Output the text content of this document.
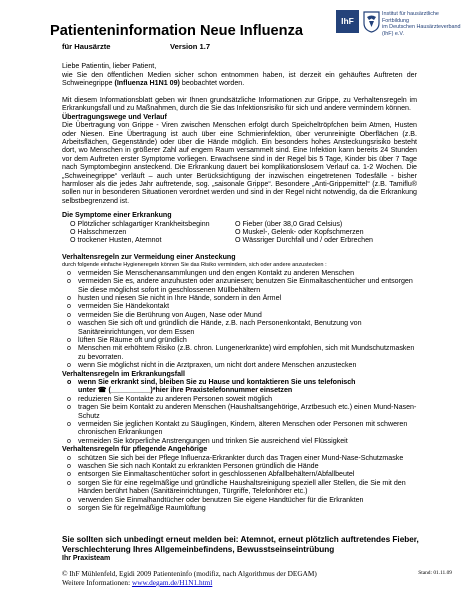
Patienteninformation Neue Influenza
für Hausärzte	Version 1.7
IhF
Institut für hausärztliche Fortbildung
im Deutschen Hausärzteverband (IhF) e.V.

Liebe Patientin, lieber Patient,

wie Sie den öffentlichen Medien sicher schon entnommen haben, ist derzeit ein gehäuftes Auftreten der Schweinegrippe (Influenza H1N1 09) beobachtet worden.

Mit diesem Informationsblatt geben wir Ihnen grundsätzliche Informationen zur Grippe, zu Verhaltensregeln im Erkrankungsfall und zu Maßnahmen, durch die Sie das Infektionsrisiko für sich und andere vermindern können.

Übertragungswege und Verlauf

Die Übertragung von Grippe - Viren zwischen Menschen erfolgt durch Speicheltröpfchen beim Atmen, Husten oder Niesen. Eine Übertragung ist auch über eine Schmierinfektion, über verunreinigte Oberflächen (z.B. Arbeitsflächen, Gegenstände) oder über die Hände möglich. Ein besonders hohes Ansteckungsrisiko besteht dort, wo Menschen in größerer Zahl auf engem Raum versammelt sind. Eine Infektion kann bereits 24 Stunden vor dem Auftreten erster Symptome vorliegen. Erwachsene sind in der Regel bis 5 Tage, Kinder bis über 7 Tage nach Symptombeginn ansteckend. Die Erkrankung dauert bei komplikationslosem Verlauf ca. 1-2 Wochen. Die „Schweinegrippe“ verläuft – auch unter Berücksichtigung der inzwischen eingetretenen Todesfälle - bisher harmloser als die jedes Jahr auftretende, sog. „saisonale Grippe“. Besondere „Anti-Grippemittel“ (z.B. Tamiflu® sollen nur in besonderen Situationen verordnet werden und sind in der Regel nicht notwendig, da die Erkrankung selbstbegrenzend ist.

Die Symptome einer Erkrankung

O Plötzlicher schlagartiger Krankheitsbeginn
O Halsschmerzen
O trockener Husten, Atemnot
O Fieber (über 38,0 Grad Celsius)
O Muskel-, Gelenk- oder Kopfschmerzen
O Wässriger Durchfall und / oder Erbrechen

Verhaltensregeln zur Vermeidung einer Ansteckung

durch folgende einfache Hygieneregeln können Sie das Risiko vermindern, sich oder andere anzustecken :

o vermeiden Sie Menschenansammlungen und den engen Kontakt zu anderen Menschen
o vermeiden Sie es, andere anzuhusten oder anzuniesen; benutzen Sie Einmaltaschentücher und entsorgen Sie diese möglichst sofort in geschlossenen Müllbehältern
o husten und niesen Sie nicht in Ihre Hände, sondern in den Ärmel
o vermeiden Sie Händekontakt
o vermeiden Sie die Berührung von Augen, Nase oder Mund
o waschen Sie sich oft und gründlich die Hände, z.B. nach Personenkontakt, Benutzung von Sanitäreinrichtungen, vor dem Essen
o lüften Sie Räume oft und gründlich
o Menschen mit erhöhtem Risiko (z.B. chron. Lungenerkrankte) wird empfohlen, sich mit Mundschutzmasken zu bevorraten.
o wenn Sie möglichst nicht in die Arztpraxen, um nicht dort andere Menschen anzustecken

Verhaltensregeln im Erkrankungsfall

o wenn Sie erkrankt sind, bleiben Sie zu Hause und kontaktieren Sie uns telefonisch
unter ☎ (__________)*hier ihre Praxistelefonnummer einsetzen
o reduzieren Sie Kontakte zu anderen Personen soweit möglich
o tragen Sie beim Kontakt zu anderen Menschen (Haushaltsangehörige, Arztbesuch etc.) einen Mund-Nasen-Schutz
o vermeiden Sie jeglichen Kontakt zu Säuglingen, Kindern, älteren Menschen oder Personen mit schweren chronischen Erkrankungen
o vermeiden Sie körperliche Anstrengungen und trinken Sie ausreichend viel Flüssigkeit

Verhaltensregeln für pflegende Angehörige

o schützen Sie sich bei der Pflege Influenza-Erkrankter durch das Tragen einer Mund-Nase-Schutzmaske
o waschen Sie sich nach Kontakt zu erkrankten Personen gründlich die Hände
o entsorgen Sie Einmaltaschentücher sofort in geschlossenen Abfallbehältern/Abfallbeutel
o sorgen Sie für eine regelmäßige und gründliche Haushaltsreinigung speziell aller Stellen, die Sie mit den Händen berührt haben (Sanitäreinrichtungen, Türgriffe, Telefonhörer etc.)
o verwenden Sie Einmalhandtücher oder benutzen Sie eigene Handtücher für die Erkrankten
o sorgen Sie für regelmäßige Raumlüftung
Sie sollten sich unbedingt erneut melden bei: Atemnot, erneut plötzlich auftretendes Fieber, Verschlechterung Ihres Allgemeinbefindens, Bewusstseinseintrübung
Ihr Praxisteam
© IhF Mühlenfeld, Egidi 2009 Patienteninfo (modifiz, nach Algorithmus der DEGAM)
Weitere Informationen: www.degam.de/H1N1.html
Stand: 01.11.09
